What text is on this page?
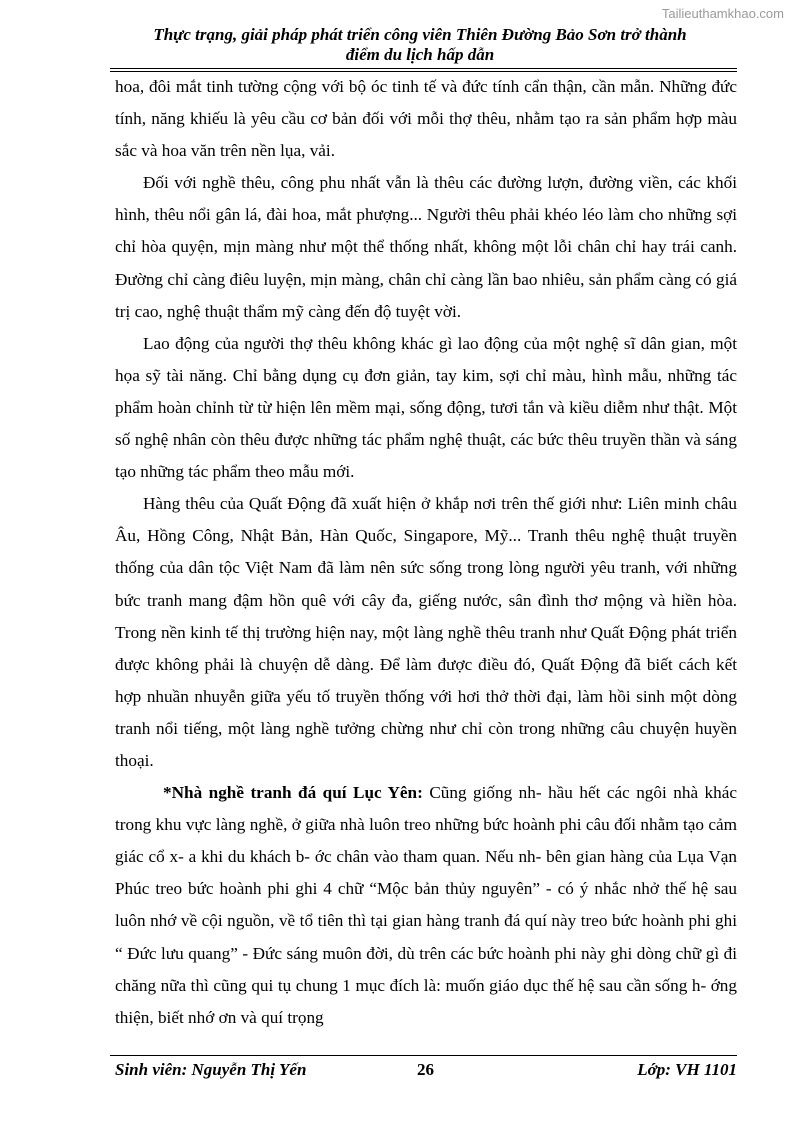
Tailieuthamkhao.com
Thực trạng, giải pháp phát triển công viên Thiên Đường Bảo Sơn trở thành
điểm du lịch hấp dẫn

hoa, đôi mắt tinh tường cộng với bộ óc tinh tế và đức tính cẩn thận, cần mẫn. Những đức tính, năng khiếu là yêu cầu cơ bản đối với mỗi thợ thêu, nhằm tạo ra sản phẩm hợp màu sắc và hoa văn trên nền lụa, vải.

Đối với nghề thêu, công phu nhất vẫn là thêu các đường lượn, đường viền, các khối hình, thêu nổi gân lá, đài hoa, mắt phượng... Người thêu phải khéo léo làm cho những sợi chỉ hòa quyện, mịn màng như một thể thống nhất, không một lỗi chân chỉ hay trái canh. Đường chỉ càng điêu luyện, mịn màng, chân chỉ càng lần bao nhiêu, sản phẩm càng có giá trị cao, nghệ thuật thẩm mỹ càng đến độ tuyệt vời.

Lao động của người thợ thêu không khác gì lao động của một nghệ sĩ dân gian, một họa sỹ tài năng. Chỉ bằng dụng cụ đơn giản, tay kim, sợi chỉ màu, hình mẫu, những tác phẩm hoàn chỉnh từ từ hiện lên mềm mại, sống động, tươi tắn và kiều diễm như thật. Một số nghệ nhân còn thêu được những tác phẩm nghệ thuật, các bức thêu truyền thần và sáng tạo những tác phẩm theo mẫu mới.

Hàng thêu của Quất Động đã xuất hiện ở khắp nơi trên thế giới như: Liên minh châu Âu, Hồng Công, Nhật Bản, Hàn Quốc, Singapore, Mỹ... Tranh thêu nghệ thuật truyền thống của dân tộc Việt Nam đã làm nên sức sống trong lòng người yêu tranh, với những bức tranh mang đậm hồn quê với cây đa, giếng nước, sân đình thơ mộng và hiền hòa. Trong nền kinh tế thị trường hiện nay, một làng nghề thêu tranh như Quất Động phát triển được không phải là chuyện dễ dàng. Để làm được điều đó, Quất Động đã biết cách kết hợp nhuần nhuyễn giữa yếu tố truyền thống với hơi thở thời đại, làm hồi sinh một dòng tranh nổi tiếng, một làng nghề tưởng chừng như chỉ còn trong những câu chuyện huyền thoại.

*Nhà nghề tranh đá quí Lục Yên: Cũng giống nh- hầu hết các ngôi nhà khác trong khu vực làng nghề, ở giữa nhà luôn treo những bức hoành phi câu đối nhằm tạo cảm giác cổ x- a khi du khách b- ớc chân vào tham quan. Nếu nh- bên gian hàng của Lụa Vạn Phúc treo bức hoành phi ghi 4 chữ “Mộc bản thủy nguyên” - có ý nhắc nhở thế hệ sau luôn nhớ về cội nguồn, về tổ tiên thì tại gian hàng tranh đá quí này treo bức hoành phi ghi “ Đức lưu quang” - Đức sáng muôn đời, dù trên các bức hoành phi này ghi dòng chữ gì đi chăng nữa thì cũng qui tụ chung 1 mục đích là: muốn giáo dục thế hệ sau cần sống h- ớng thiện, biết nhớ ơn và quí trọng

Sinh viên: Nguyễn Thị Yến	26	Lớp: VH 1101
